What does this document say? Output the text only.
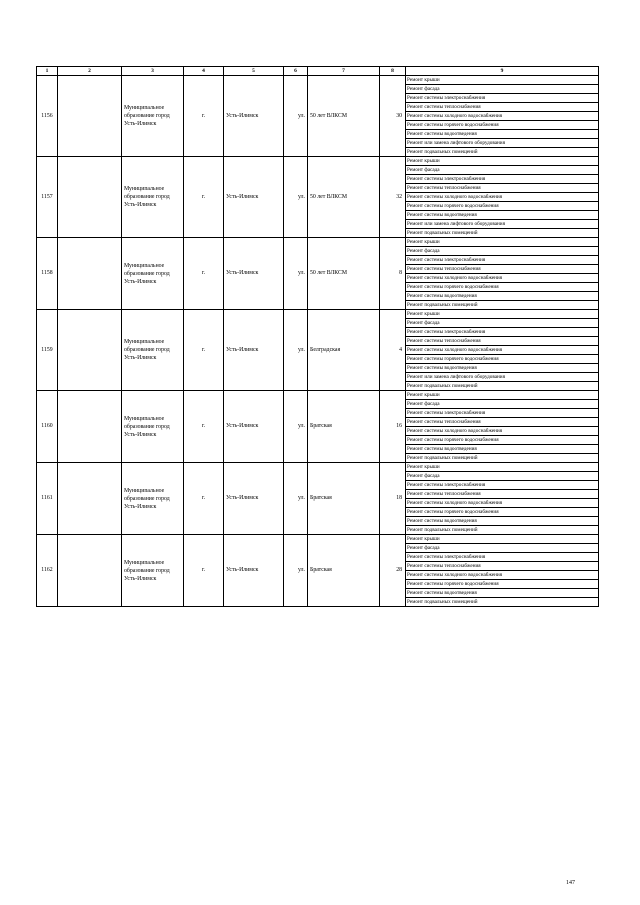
1	2	3	4	5	6	7	8	9
1156		Муниципальное образование город Усть-Илимск	г.	Усть-Илимск	ул.	50 лет ВЛКСМ	30	Ремонт крыши
								Ремонт фасада
								Ремонт системы электроснабжения
								Ремонт системы теплоснабжения
								Ремонт системы холодного водоснабжения
								Ремонт системы горячего водоснабжения
								Ремонт системы водоотведения
								Ремонт или замена лифтового оборудования
								Ремонт подвальных помещений
1157		Муниципальное образование город Усть-Илимск	г.	Усть-Илимск	ул.	50 лет ВЛКСМ	32	Ремонт крыши
								Ремонт фасада
								Ремонт системы электроснабжения
								Ремонт системы теплоснабжения
								Ремонт системы холодного водоснабжения
								Ремонт системы горячего водоснабжения
								Ремонт системы водоотведения
								Ремонт или замена лифтового оборудования
								Ремонт подвальных помещений
1158		Муниципальное образование город Усть-Илимск	г.	Усть-Илимск	ул.	50 лет ВЛКСМ	8	Ремонт крыши
								Ремонт фасада
								Ремонт системы электроснабжения
								Ремонт системы теплоснабжения
								Ремонт системы холодного водоснабжения
								Ремонт системы горячего водоснабжения
								Ремонт системы водоотведения
								Ремонт подвальных помещений
1159		Муниципальное образование город Усть-Илимск	г.	Усть-Илимск	ул.	Белградская	4	Ремонт крыши
								Ремонт фасада
								Ремонт системы электроснабжения
								Ремонт системы теплоснабжения
								Ремонт системы холодного водоснабжения
								Ремонт системы горячего водоснабжения
								Ремонт системы водоотведения
								Ремонт или замена лифтового оборудования
								Ремонт подвальных помещений
1160		Муниципальное образование город Усть-Илимск	г.	Усть-Илимск	ул.	Братская	16	Ремонт крыши
								Ремонт фасада
								Ремонт системы электроснабжения
								Ремонт системы теплоснабжения
								Ремонт системы холодного водоснабжения
								Ремонт системы горячего водоснабжения
								Ремонт системы водоотведения
								Ремонт подвальных помещений
1161		Муниципальное образование город Усть-Илимск	г.	Усть-Илимск	ул.	Братская	18	Ремонт крыши
								Ремонт фасада
								Ремонт системы электроснабжения
								Ремонт системы теплоснабжения
								Ремонт системы холодного водоснабжения
								Ремонт системы горячего водоснабжения
								Ремонт системы водоотведения
								Ремонт подвальных помещений
1162		Муниципальное образование город Усть-Илимск	г.	Усть-Илимск	ул.	Братская	28	Ремонт крыши
								Ремонт фасада
								Ремонт системы электроснабжения
								Ремонт системы теплоснабжения
								Ремонт системы холодного водоснабжения
								Ремонт системы горячего водоснабжения
								Ремонт системы водоотведения
								Ремонт подвальных помещений
147
